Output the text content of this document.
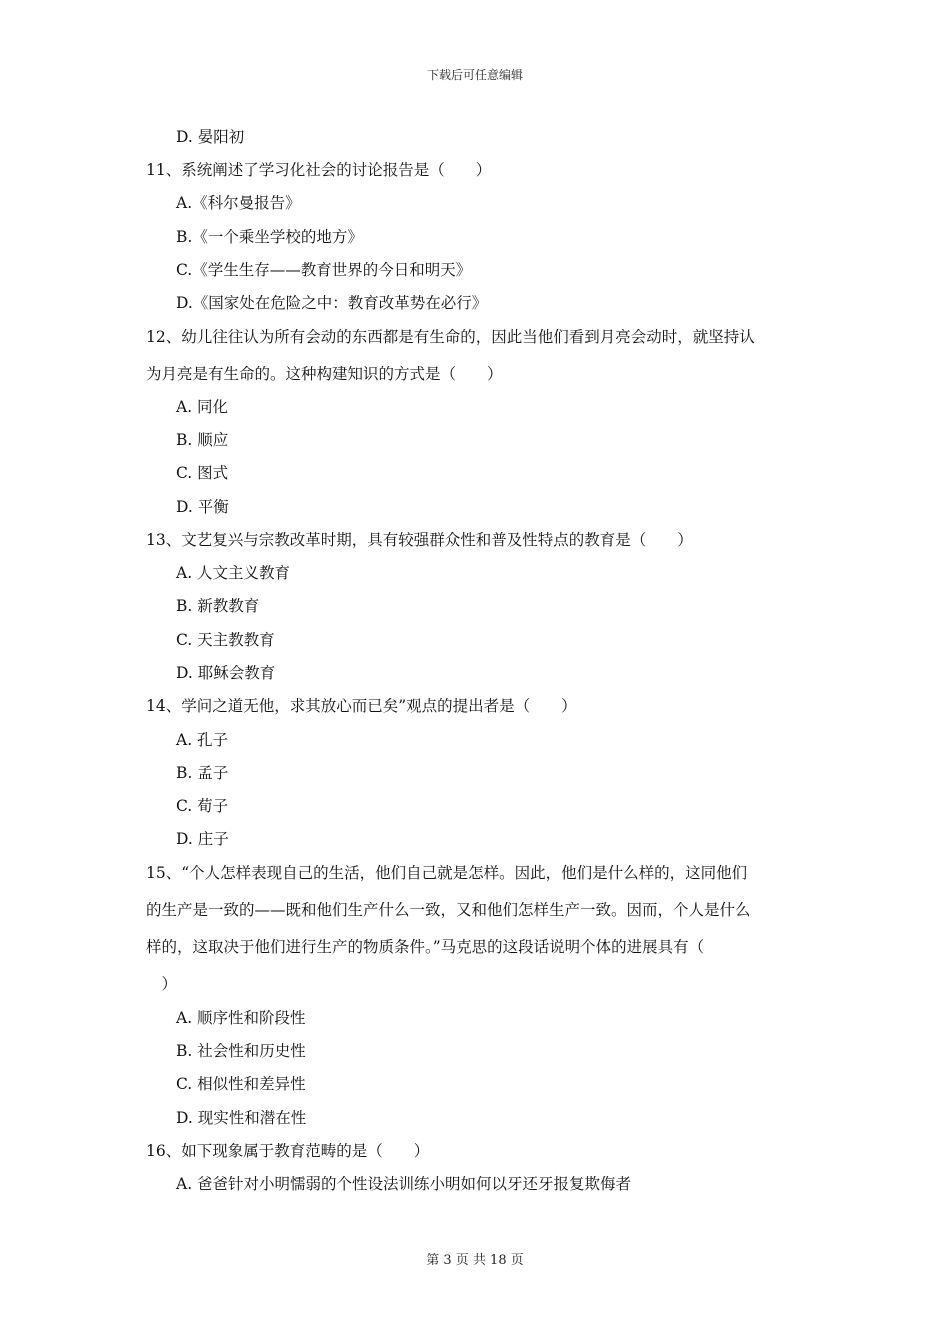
下载后可任意编辑
D. 晏阳初
11、系统阐述了学习化社会的讨论报告是（　　）
A.《科尔曼报告》
B.《一个乘坐学校的地方》
C.《学生生存——教育世界的今日和明天》
D.《国家处在危险之中：教育改革势在必行》
12、幼儿往往认为所有会动的东西都是有生命的，因此当他们看到月亮会动时，就坚持认
为月亮是有生命的。这种构建知识的方式是（　　）
A. 同化
B. 顺应
C. 图式
D. 平衡
13、文艺复兴与宗教改革时期，具有较强群众性和普及性特点的教育是（　　）
A. 人文主义教育
B. 新教教育
C. 天主教教育
D. 耶稣会教育
14、学问之道无他，求其放心而已矣”观点的提出者是（　　）
A. 孔子
B. 孟子
C. 荀子
D. 庄子
15、“个人怎样表现自己的生活，他们自己就是怎样。因此，他们是什么样的，这同他们
的生产是一致的——既和他们生产什么一致，又和他们怎样生产一致。因而，个人是什么
样的，这取决于他们进行生产的物质条件。”马克思的这段话说明个体的进展具有（
　）
A. 顺序性和阶段性
B. 社会性和历史性
C. 相似性和差异性
D. 现实性和潜在性
16、如下现象属于教育范畴的是（　　）
A. 爸爸针对小明懦弱的个性设法训练小明如何以牙还牙报复欺侮者
第 3 页 共 18 页
